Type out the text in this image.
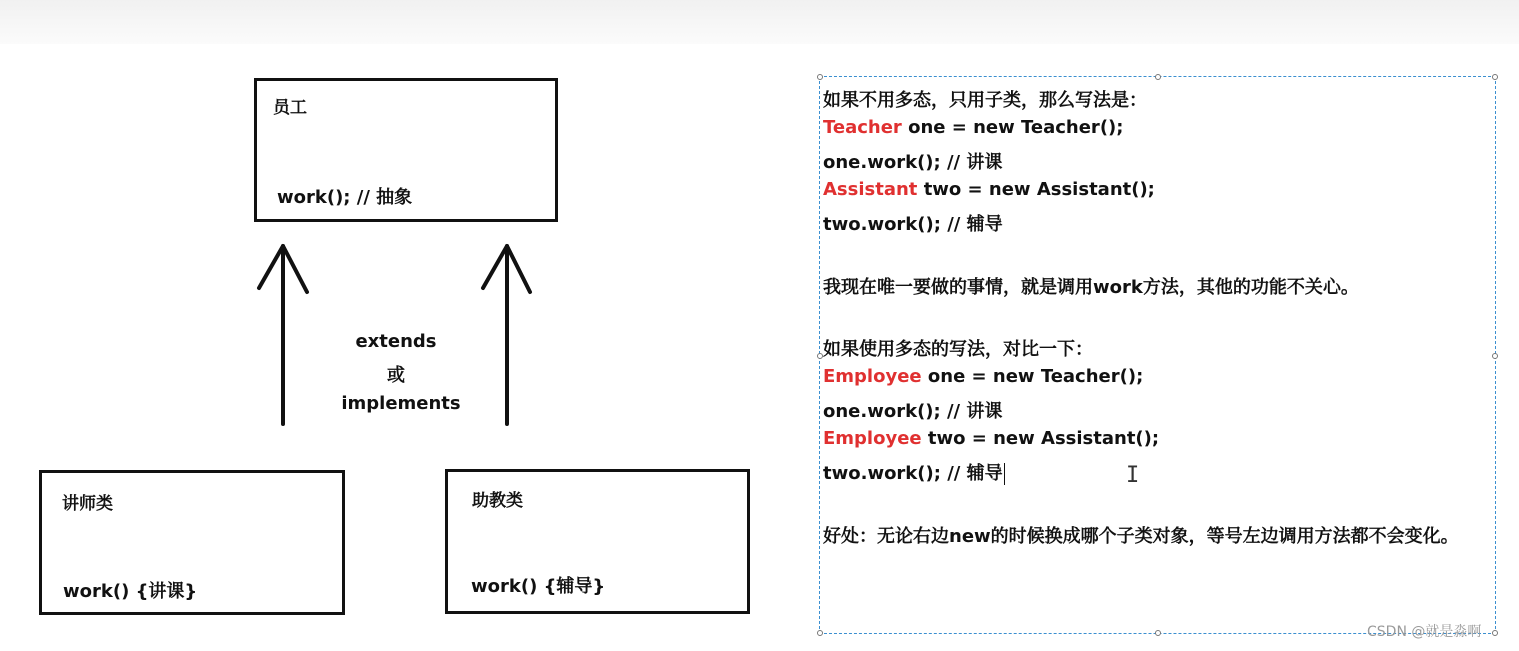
员工
work(); // 抽象
extends
或
implements
讲师类
work() {讲课}
助教类
work() {辅导}
如果不用多态，只用子类，那么写法是：
Teacher one = new Teacher();
one.work(); // 讲课
Assistant two = new Assistant();
two.work(); // 辅导
我现在唯一要做的事情，就是调用work方法，其他的功能不关心。
如果使用多态的写法，对比一下：
Employee one = new Teacher();
one.work(); // 讲课
Employee two = new Assistant();
two.work(); // 辅导
好处：无论右边new的时候换成哪个子类对象，等号左边调用方法都不会变化。
I
CSDN @就是淼啊
